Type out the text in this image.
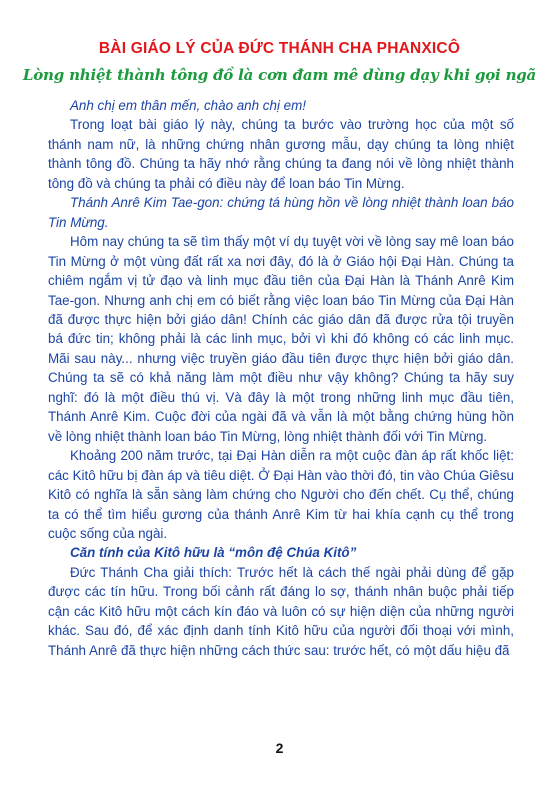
BÀI GIÁO LÝ CỦA ĐỨC THÁNH CHA PHANXICÔ
Lòng nhiệt thành tông đồ là cơn đam mê dùng dạy khi gọi ngã

Anh chị em thân mến, chào anh chị em!

Trong loạt bài giáo lý này, chúng ta bước vào trường học của một số thánh nam nữ, là những chứng nhân gương mẫu, dạy chúng ta lòng nhiệt thành tông đồ. Chúng ta hãy nhớ rằng chúng ta đang nói về lòng nhiệt thành tông đồ và chúng ta phải có điều này để loan báo Tin Mừng.

Thánh Anrê Kim Tae-gon: chứng tá hùng hồn về lòng nhiệt thành loan báo Tin Mừng.

Hôm nay chúng ta sẽ tìm thấy một ví dụ tuyệt vời về lòng say mê loan báo Tin Mừng ở một vùng đất rất xa nơi đây, đó là ở Giáo hội Đại Hàn. Chúng ta chiêm ngắm vị tử đạo và linh mục đầu tiên của Đại Hàn là Thánh Anrê Kim Tae-gon. Nhưng anh chị em có biết rằng việc loan báo Tin Mừng của Đại Hàn đã được thực hiện bởi giáo dân! Chính các giáo dân đã được rửa tội truyền bá đức tin; không phải là các linh mục, bởi vì khi đó không có các linh mục. Mãi sau này... nhưng việc truyền giáo đầu tiên được thực hiện bởi giáo dân. Chúng ta sẽ có khả năng làm một điều như vậy không? Chúng ta hãy suy nghĩ: đó là một điều thú vị. Và đây là một trong những linh mục đầu tiên, Thánh Anrê Kim. Cuộc đời của ngài đã và vẫn là một bằng chứng hùng hồn về lòng nhiệt thành loan báo Tin Mừng, lòng nhiệt thành đối với Tin Mừng.

Khoảng 200 năm trước, tại Đại Hàn diễn ra một cuộc đàn áp rất khốc liệt: các Kitô hữu bị đàn áp và tiêu diệt. Ở Đại Hàn vào thời đó, tin vào Chúa Giêsu Kitô có nghĩa là sẵn sàng làm chứng cho Người cho đến chết. Cụ thể, chúng ta có thể tìm hiểu gương của thánh Anrê Kim từ hai khía cạnh cụ thể trong cuộc sống của ngài.

Căn tính của Kitô hữu là “môn đệ Chúa Kitô”

Đức Thánh Cha giải thích: Trước hết là cách thế ngài phải dùng để gặp được các tín hữu. Trong bối cảnh rất đáng lo sợ, thánh nhân buộc phải tiếp cận các Kitô hữu một cách kín đáo và luôn có sự hiện diện của những người khác. Sau đó, để xác định danh tính Kitô hữu của người đối thoại với mình, Thánh Anrê đã thực hiện những cách thức sau: trước hết, có một dấu hiệu đã

2
